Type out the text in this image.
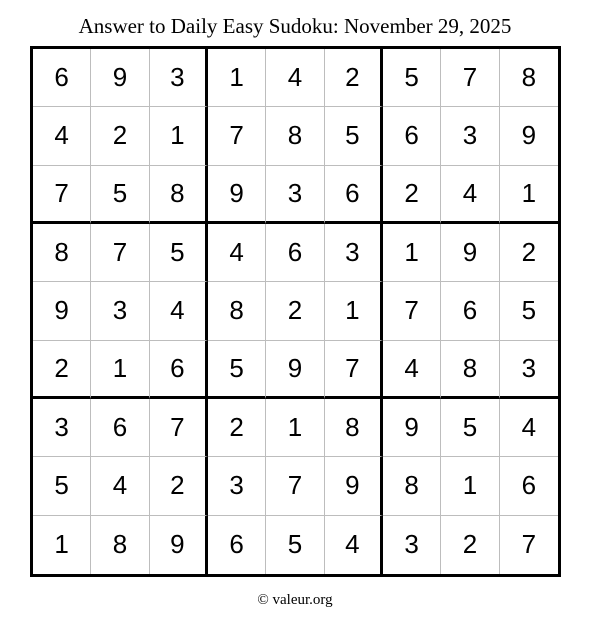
Answer to Daily Easy Sudoku: November 29, 2025
6	9	3	1	4	2	5	7	8
4	2	1	7	8	5	6	3	9
7	5	8	9	3	6	2	4	1
8	7	5	4	6	3	1	9	2
9	3	4	8	2	1	7	6	5
2	1	6	5	9	7	4	8	3
3	6	7	2	1	8	9	5	4
5	4	2	3	7	9	8	1	6
1	8	9	6	5	4	3	2	7
© valeur.org
